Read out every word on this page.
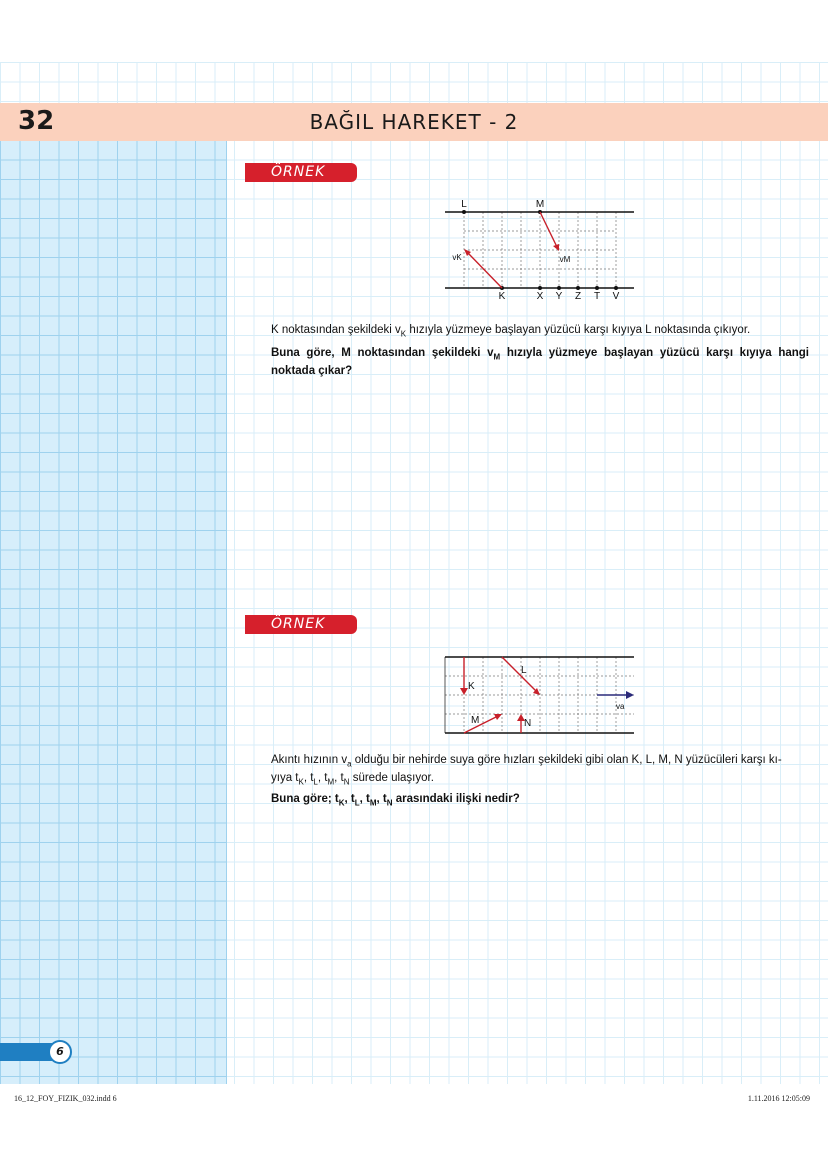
32	BAĞIL HAREKET - 2
ÖRNEK
L	M
K	X Y Z T V
vK	vM
K noktasından şekildeki $v_K$ hızıyla yüzmeye başlayan yüzücü karşı kıyıya L noktasında çıkıyor.
Buna göre, M noktasından şekildeki $v_M$ hızıyla yüzmeye başlayan yüzücü karşı kıyıya hangi noktada çıkar?
ÖRNEK
K
L
M	N
va
Akıntı hızının $v_a$ olduğu bir nehirde suya göre hızları şekildeki gibi olan K, L, M, N yüzücüleri karşı kı-
yıya $t_K$, $t_L$, $t_M$, $t_N$ sürede ulaşıyor.
Buna göre; $t_K$, $t_L$, $t_M$, $t_N$ arasındaki ilişki nedir?
6
16_12_FOY_FIZIK_032.indd 6	1.11.2016 12:05:09
